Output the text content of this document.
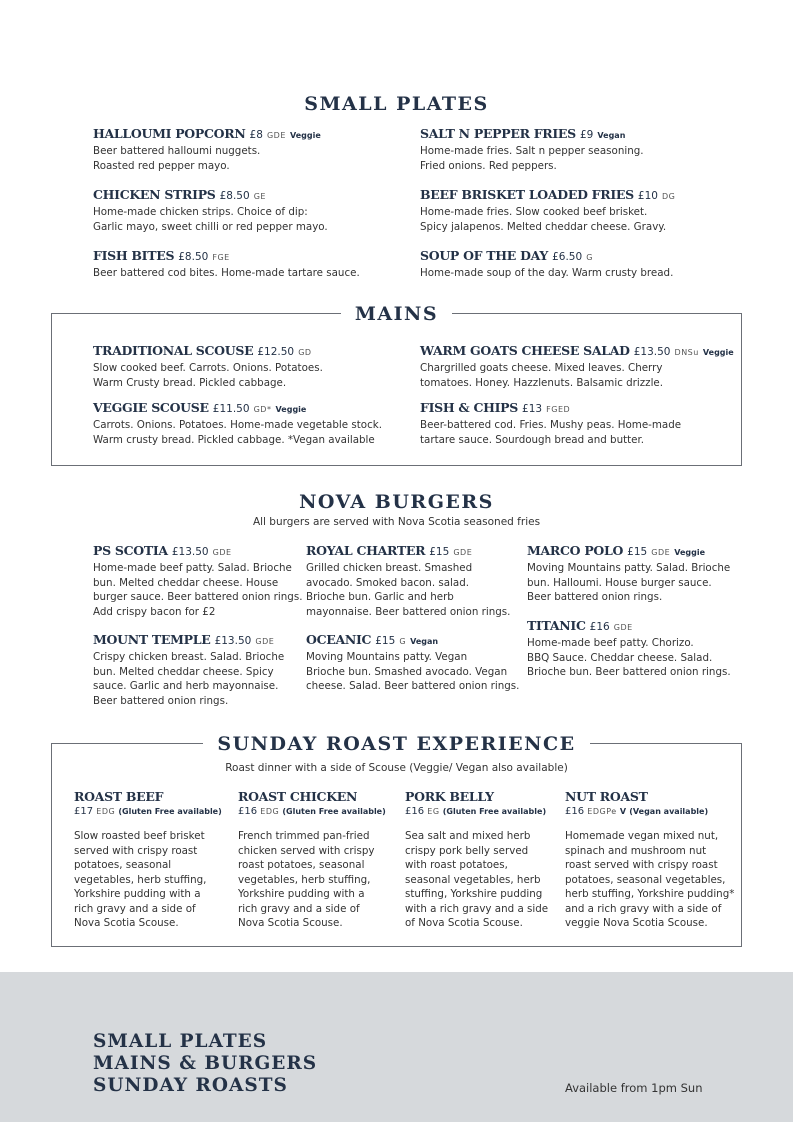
SMALL PLATES
HALLOUMI POPCORN £8 GDE Veggie
Beer battered halloumi nuggets.
Roasted red pepper mayo.
SALT N PEPPER FRIES £9 Vegan
Home-made fries. Salt n pepper seasoning.
Fried onions. Red peppers.
CHICKEN STRIPS £8.50 GE
Home-made chicken strips. Choice of dip:
Garlic mayo, sweet chilli or red pepper mayo.
BEEF BRISKET LOADED FRIES £10 DG
Home-made fries. Slow cooked beef brisket.
Spicy jalapenos. Melted cheddar cheese. Gravy.
FISH BITES £8.50 FGE
Beer battered cod bites. Home-made tartare sauce.
SOUP OF THE DAY £6.50 G
Home-made soup of the day. Warm crusty bread.
MAINS
TRADITIONAL SCOUSE £12.50 GD
Slow cooked beef. Carrots. Onions. Potatoes.
Warm Crusty bread. Pickled cabbage.
WARM GOATS CHEESE SALAD £13.50 DNSu Veggie
Chargrilled goats cheese. Mixed leaves. Cherry
tomatoes. Honey. Hazzlenuts. Balsamic drizzle.
VEGGIE SCOUSE £11.50 GD* Veggie
Carrots. Onions. Potatoes. Home-made vegetable stock.
Warm crusty bread. Pickled cabbage. *Vegan available
FISH & CHIPS £13 FGED
Beer-battered cod. Fries. Mushy peas. Home-made
tartare sauce. Sourdough bread and butter.
NOVA BURGERS
All burgers are served with Nova Scotia seasoned fries
PS SCOTIA £13.50 GDE
Home-made beef patty. Salad. Brioche
bun. Melted cheddar cheese. House
burger sauce. Beer battered onion rings.
Add crispy bacon for £2
ROYAL CHARTER £15 GDE
Grilled chicken breast. Smashed
avocado. Smoked bacon. salad.
Brioche bun. Garlic and herb
mayonnaise. Beer battered onion rings.
MARCO POLO £15 GDE Veggie
Moving Mountains patty. Salad. Brioche
bun. Halloumi. House burger sauce.
Beer battered onion rings.
MOUNT TEMPLE £13.50 GDE
Crispy chicken breast. Salad. Brioche
bun. Melted cheddar cheese. Spicy
sauce. Garlic and herb mayonnaise.
Beer battered onion rings.
OCEANIC £15 G Vegan
Moving Mountains patty. Vegan
Brioche bun. Smashed avocado. Vegan
cheese. Salad. Beer battered onion rings.
TITANIC £16 GDE
Home-made beef patty. Chorizo.
BBQ Sauce. Cheddar cheese. Salad.
Brioche bun. Beer battered onion rings.
SUNDAY ROAST EXPERIENCE
Roast dinner with a side of Scouse (Veggie/ Vegan also available)
ROAST BEEF
£17 EDG (Gluten Free available)
Slow roasted beef brisket
served with crispy roast
potatoes, seasonal
vegetables, herb stuffing,
Yorkshire pudding with a
rich gravy and a side of
Nova Scotia Scouse.
ROAST CHICKEN
£16 EDG (Gluten Free available)
French trimmed pan-fried
chicken served with crispy
roast potatoes, seasonal
vegetables, herb stuffing,
Yorkshire pudding with a
rich gravy and a side of
Nova Scotia Scouse.
PORK BELLY
£16 EG (Gluten Free available)
Sea salt and mixed herb
crispy pork belly served
with roast potatoes,
seasonal vegetables, herb
stuffing, Yorkshire pudding
with a rich gravy and a side
of Nova Scotia Scouse.
NUT ROAST
£16 EDGPe V (Vegan available)
Homemade vegan mixed nut,
spinach and mushroom nut
roast served with crispy roast
potatoes, seasonal vegetables,
herb stuffing, Yorkshire pudding*
and a rich gravy with a side of
veggie Nova Scotia Scouse.
SMALL PLATES
MAINS & BURGERS
SUNDAY ROASTS	Available from 1pm Sun
